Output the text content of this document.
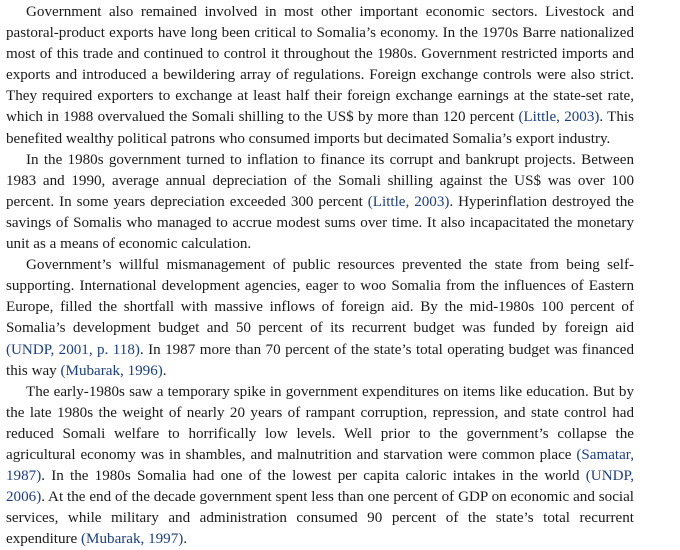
Government also remained involved in most other important economic sectors. Livestock and pastoral-product exports have long been critical to Somalia’s economy. In the 1970s Barre nationalized most of this trade and continued to control it throughout the 1980s. Government restricted imports and exports and introduced a bewildering array of regulations. Foreign exchange controls were also strict. They required exporters to exchange at least half their foreign exchange earnings at the state-set rate, which in 1988 overvalued the Somali shilling to the US$ by more than 120 percent (Little, 2003). This benefited wealthy political patrons who consumed imports but decimated Somalia’s export industry.

In the 1980s government turned to inflation to finance its corrupt and bankrupt projects. Between 1983 and 1990, average annual depreciation of the Somali shilling against the US$ was over 100 percent. In some years depreciation exceeded 300 percent (Little, 2003). Hyperinflation destroyed the savings of Somalis who managed to accrue modest sums over time. It also incapacitated the monetary unit as a means of economic calculation.

Government’s willful mismanagement of public resources prevented the state from being self-supporting. International development agencies, eager to woo Somalia from the influences of Eastern Europe, filled the shortfall with massive inflows of foreign aid. By the mid-1980s 100 percent of Somalia’s development budget and 50 percent of its recurrent budget was funded by foreign aid (UNDP, 2001, p. 118). In 1987 more than 70 percent of the state’s total operating budget was financed this way (Mubarak, 1996).

The early-1980s saw a temporary spike in government expenditures on items like education. But by the late 1980s the weight of nearly 20 years of rampant corruption, repression, and state control had reduced Somali welfare to horrifically low levels. Well prior to the government’s collapse the agricultural economy was in shambles, and malnutrition and starvation were common place (Samatar, 1987). In the 1980s Somalia had one of the lowest per capita caloric intakes in the world (UNDP, 2006). At the end of the decade government spent less than one percent of GDP on economic and social services, while military and administration consumed 90 percent of the state’s total recurrent expenditure (Mubarak, 1997).
